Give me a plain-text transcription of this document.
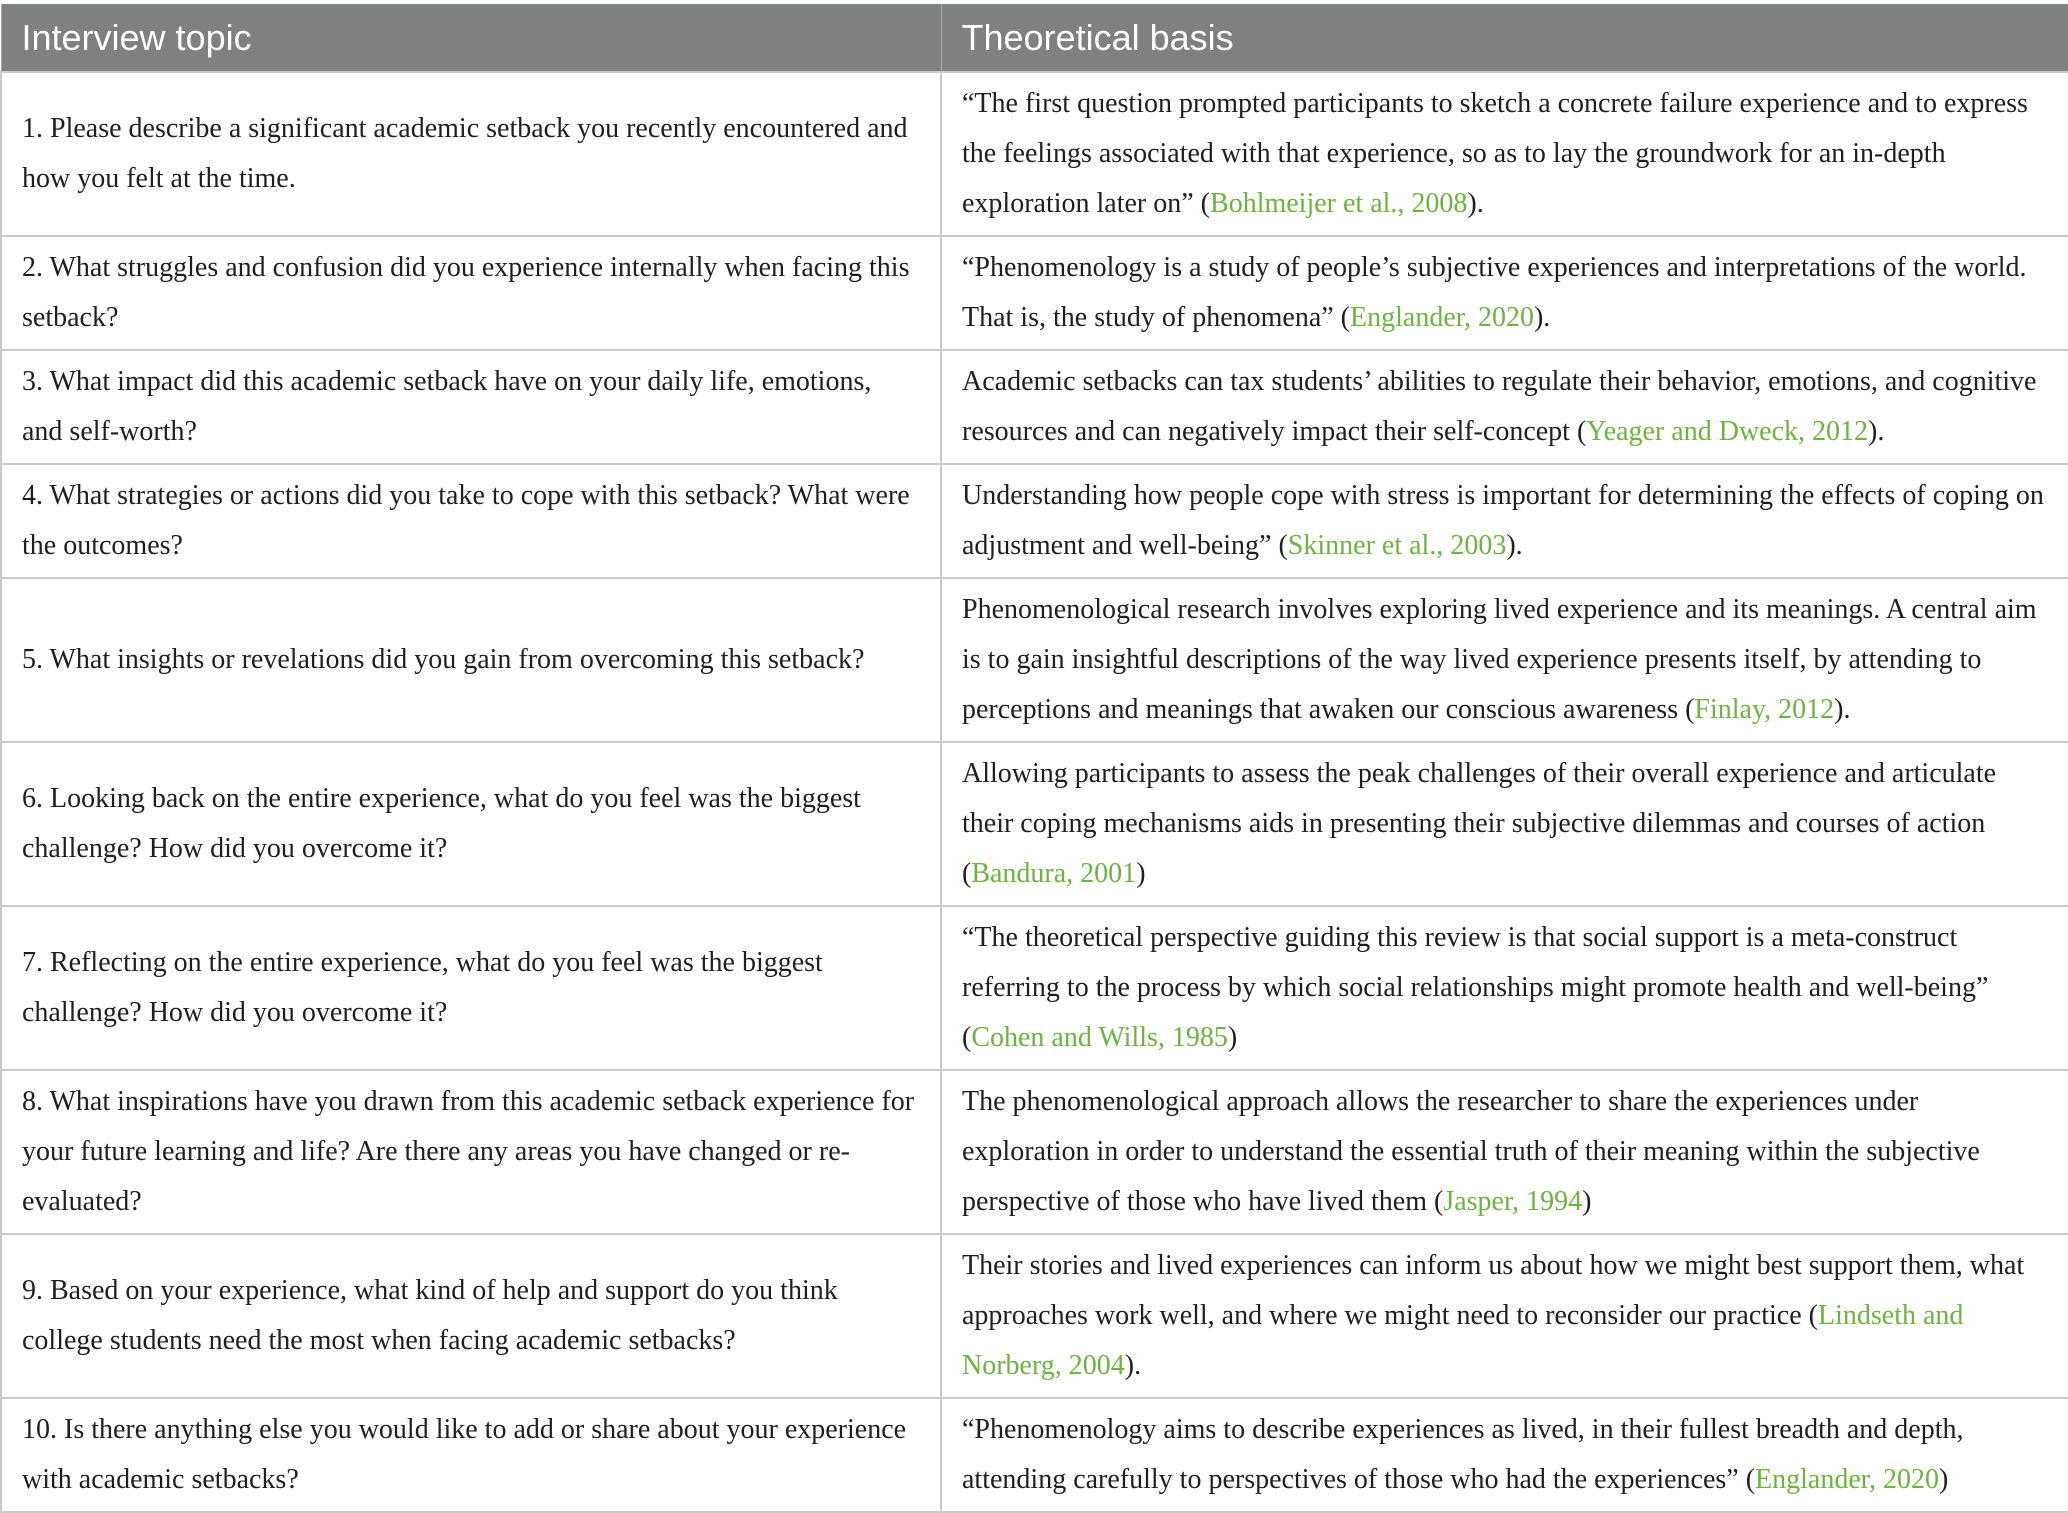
Interview topic	Theoretical basis
1. Please describe a significant academic setback you recently encountered and how you felt at the time.	“The first question prompted participants to sketch a concrete failure experience and to express the feelings associated with that experience, so as to lay the groundwork for an in-depth exploration later on” (Bohlmeijer et al., 2008).
2. What struggles and confusion did you experience internally when facing this setback?	“Phenomenology is a study of people’s subjective experiences and interpretations of the world. That is, the study of phenomena” (Englander, 2020).
3. What impact did this academic setback have on your daily life, emotions, and self-worth?	Academic setbacks can tax students’ abilities to regulate their behavior, emotions, and cognitive resources and can negatively impact their self-concept (Yeager and Dweck, 2012).
4. What strategies or actions did you take to cope with this setback? What were the outcomes?	Understanding how people cope with stress is important for determining the effects of coping on adjustment and well-being” (Skinner et al., 2003).
5. What insights or revelations did you gain from overcoming this setback?	Phenomenological research involves exploring lived experience and its meanings. A central aim is to gain insightful descriptions of the way lived experience presents itself, by attending to perceptions and meanings that awaken our conscious awareness (Finlay, 2012).
6. Looking back on the entire experience, what do you feel was the biggest challenge? How did you overcome it?	Allowing participants to assess the peak challenges of their overall experience and articulate their coping mechanisms aids in presenting their subjective dilemmas and courses of action (Bandura, 2001)
7. Reflecting on the entire experience, what do you feel was the biggest challenge? How did you overcome it?	“The theoretical perspective guiding this review is that social support is a meta-construct referring to the process by which social relationships might promote health and well-being” (Cohen and Wills, 1985)
8. What inspirations have you drawn from this academic setback experience for your future learning and life? Are there any areas you have changed or re-evaluated?	The phenomenological approach allows the researcher to share the experiences under exploration in order to understand the essential truth of their meaning within the subjective perspective of those who have lived them (Jasper, 1994)
9. Based on your experience, what kind of help and support do you think college students need the most when facing academic setbacks?	Their stories and lived experiences can inform us about how we might best support them, what approaches work well, and where we might need to reconsider our practice (Lindseth and Norberg, 2004).
10. Is there anything else you would like to add or share about your experience with academic setbacks?	“Phenomenology aims to describe experiences as lived, in their fullest breadth and depth, attending carefully to perspectives of those who had the experiences” (Englander, 2020)
